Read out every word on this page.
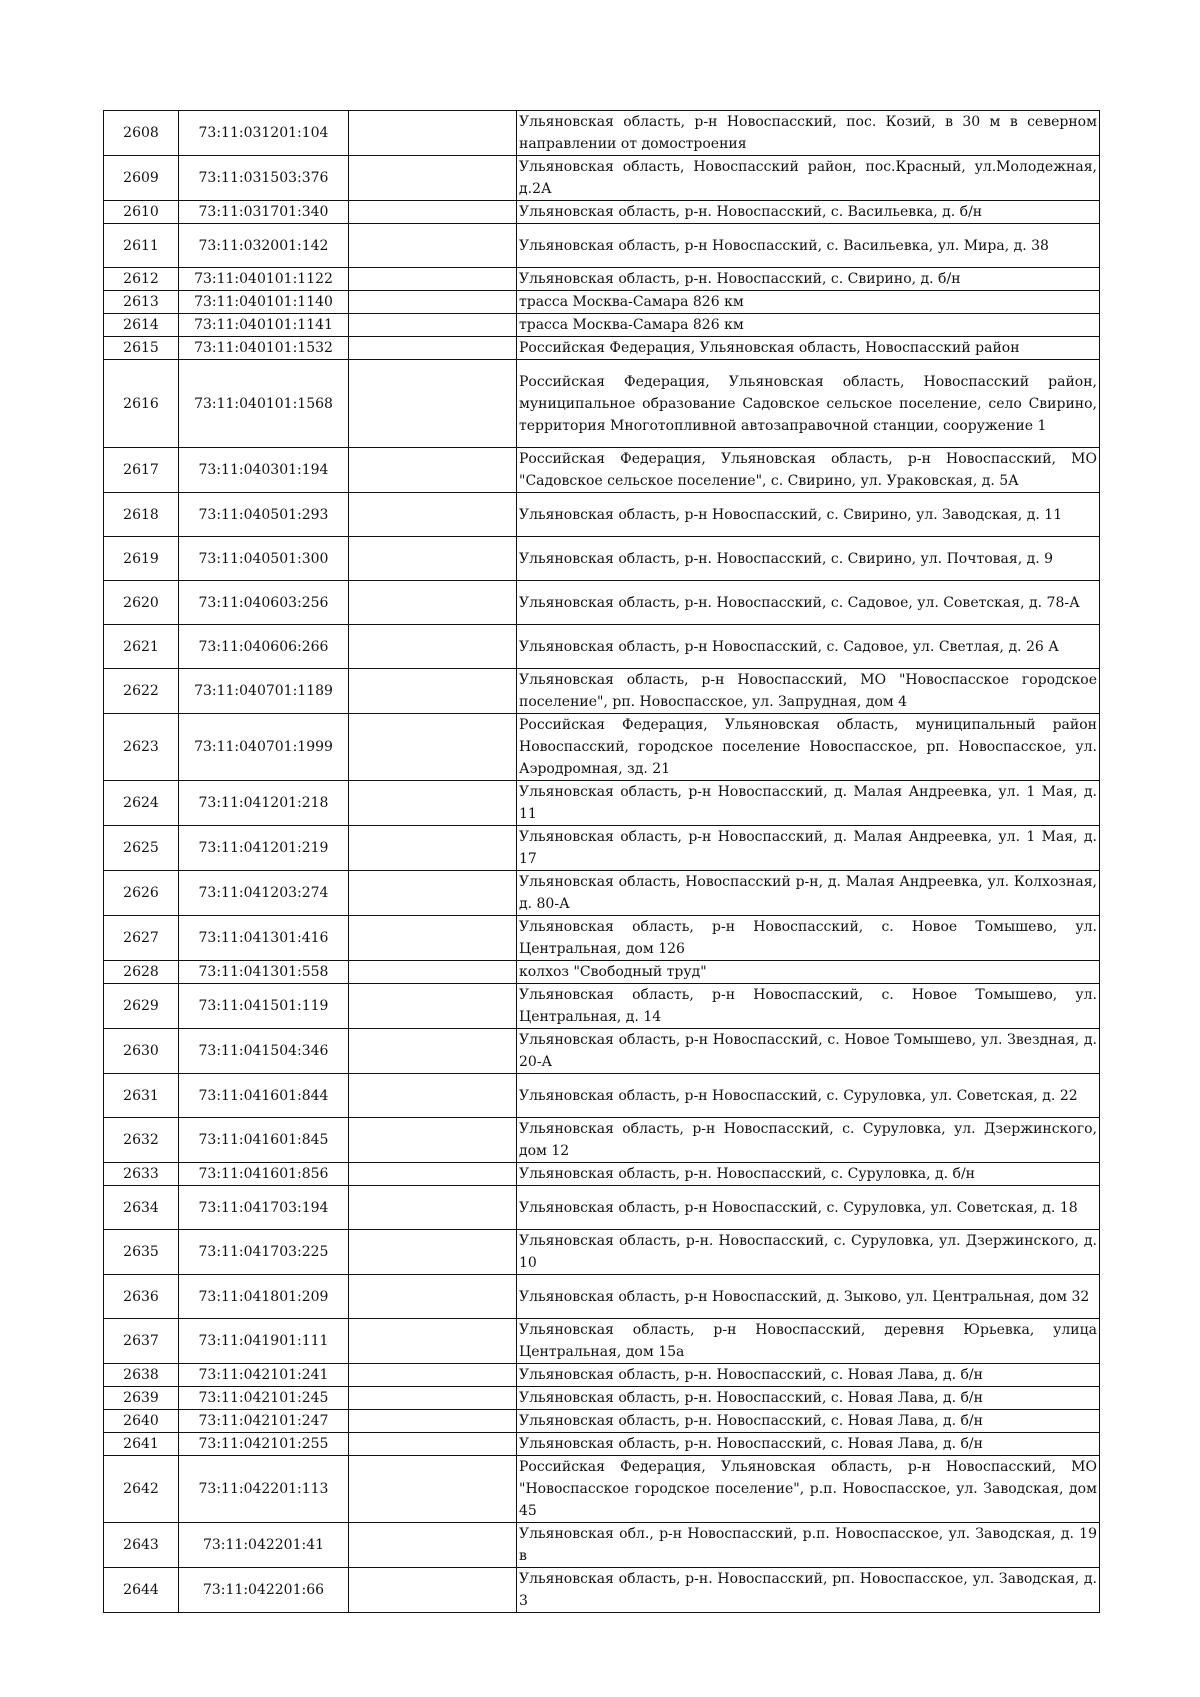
2608	73:11:031201:104		Ульяновская область, р-н Новоспасский, пос. Козий, в 30 м в северном направлении от домостроения
2609	73:11:031503:376		Ульяновская область, Новоспасский район, пос.Красный, ул.Молодежная, д.2А
2610	73:11:031701:340		Ульяновская область, р-н. Новоспасский, с. Васильевка, д. б/н
2611	73:11:032001:142		Ульяновская область, р-н Новоспасский, с. Васильевка, ул. Мира, д. 38
2612	73:11:040101:1122		Ульяновская область, р-н. Новоспасский, с. Свирино, д. б/н
2613	73:11:040101:1140		трасса Москва-Самара 826 км
2614	73:11:040101:1141		трасса Москва-Самара 826 км
2615	73:11:040101:1532		Российская Федерация, Ульяновская область, Новоспасский район
2616	73:11:040101:1568		Российская Федерация, Ульяновская область, Новоспасский район, муниципальное образование Садовское сельское поселение, село Свирино, территория Многотопливной автозаправочной станции, сооружение 1
2617	73:11:040301:194		Российская Федерация, Ульяновская область, р-н Новоспасский, МО "Садовское сельское поселение", с. Свирино, ул. Ураковская, д. 5А
2618	73:11:040501:293		Ульяновская область, р-н Новоспасский, с. Свирино, ул. Заводская, д. 11
2619	73:11:040501:300		Ульяновская область, р-н. Новоспасский, с. Свирино, ул. Почтовая, д. 9
2620	73:11:040603:256		Ульяновская область, р-н. Новоспасский, с. Садовое, ул. Советская, д. 78-А
2621	73:11:040606:266		Ульяновская область, р-н Новоспасский, с. Садовое, ул. Светлая, д. 26 А
2622	73:11:040701:1189		Ульяновская область, р-н Новоспасский, МО "Новоспасское городское поселение", рп. Новоспасское, ул. Запрудная, дом 4
2623	73:11:040701:1999		Российская Федерация, Ульяновская область, муниципальный район Новоспасский, городское поселение Новоспасское, рп. Новоспасское, ул. Аэродромная, зд. 21
2624	73:11:041201:218		Ульяновская область, р-н Новоспасский, д. Малая Андреевка, ул. 1 Мая, д. 11
2625	73:11:041201:219		Ульяновская область, р-н Новоспасский, д. Малая Андреевка, ул. 1 Мая, д. 17
2626	73:11:041203:274		Ульяновская область, Новоспасский р-н, д. Малая Андреевка, ул. Колхозная, д. 80-А
2627	73:11:041301:416		Ульяновская область, р-н Новоспасский, с. Новое Томышево, ул. Центральная, дом 126
2628	73:11:041301:558		колхоз "Свободный труд"
2629	73:11:041501:119		Ульяновская область, р-н Новоспасский, с. Новое Томышево, ул. Центральная, д. 14
2630	73:11:041504:346		Ульяновская область, р-н Новоспасский, с. Новое Томышево, ул. Звездная, д. 20-А
2631	73:11:041601:844		Ульяновская область, р-н Новоспасский, с. Суруловка, ул. Советская, д. 22
2632	73:11:041601:845		Ульяновская область, р-н Новоспасский, с. Суруловка, ул. Дзержинского, дом 12
2633	73:11:041601:856		Ульяновская область, р-н. Новоспасский, с. Суруловка, д. б/н
2634	73:11:041703:194		Ульяновская область, р-н Новоспасский, с. Суруловка, ул. Советская, д. 18
2635	73:11:041703:225		Ульяновская область, р-н. Новоспасский, с. Суруловка, ул. Дзержинского, д. 10
2636	73:11:041801:209		Ульяновская область, р-н Новоспасский, д. Зыково, ул. Центральная, дом 32
2637	73:11:041901:111		Ульяновская область, р-н Новоспасский, деревня Юрьевка, улица Центральная, дом 15а
2638	73:11:042101:241		Ульяновская область, р-н. Новоспасский, с. Новая Лава, д. б/н
2639	73:11:042101:245		Ульяновская область, р-н. Новоспасский, с. Новая Лава, д. б/н
2640	73:11:042101:247		Ульяновская область, р-н. Новоспасский, с. Новая Лава, д. б/н
2641	73:11:042101:255		Ульяновская область, р-н. Новоспасский, с. Новая Лава, д. б/н
2642	73:11:042201:113		Российская Федерация, Ульяновская область, р-н Новоспасский, МО "Новоспасское городское поселение", р.п. Новоспасское, ул. Заводская, дом 45
2643	73:11:042201:41		Ульяновская обл., р-н Новоспасский, р.п. Новоспасское, ул. Заводская, д. 19 в
2644	73:11:042201:66		Ульяновская область, р-н. Новоспасский, рп. Новоспасское, ул. Заводская, д. 3
